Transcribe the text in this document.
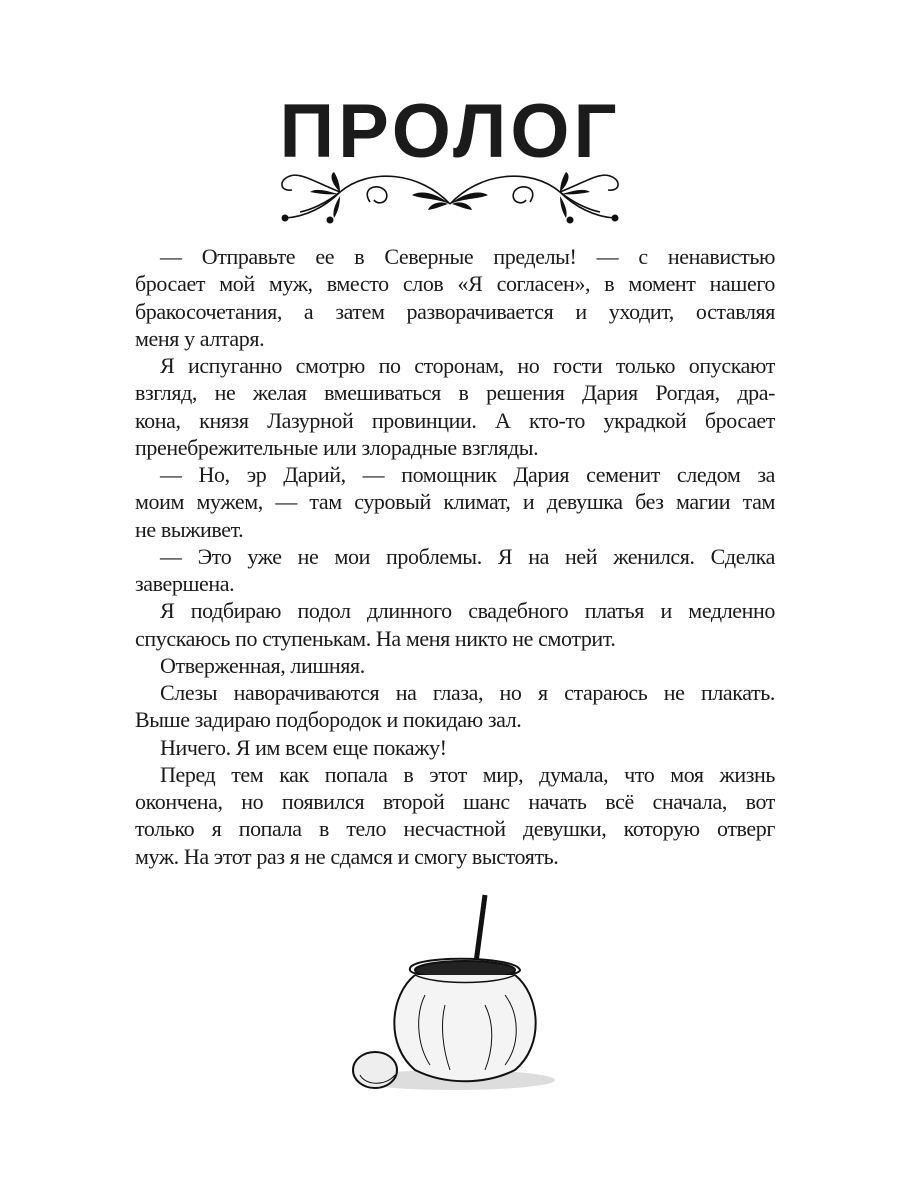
ПРОЛОГ
— Отправьте ее в Северные пределы! — с ненавистью
бросает мой муж, вместо слов «Я согласен», в момент нашего
бракосочетания, а затем разворачивается и уходит, оставляя
меня у алтаря.
Я испуганно смотрю по сторонам, но гости только опускают
взгляд, не желая вмешиваться в решения Дария Рогдая, дра-
кона, князя Лазурной провинции. А кто-то украдкой бросает
пренебрежительные или злорадные взгляды.
— Но, эр Дарий, — помощник Дария семенит следом за
моим мужем, — там суровый климат, и девушка без магии там
не выживет.
— Это уже не мои проблемы. Я на ней женился. Сделка
завершена.
Я подбираю подол длинного свадебного платья и медленно
спускаюсь по ступенькам. На меня никто не смотрит.
Отверженная, лишняя.
Слезы наворачиваются на глаза, но я стараюсь не плакать.
Выше задираю подбородок и покидаю зал.
Ничего. Я им всем еще покажу!
Перед тем как попала в этот мир, думала, что моя жизнь
окончена, но появился второй шанс начать всё сначала, вот
только я попала в тело несчастной девушки, которую отверг
муж. На этот раз я не сдамся и смогу выстоять.
